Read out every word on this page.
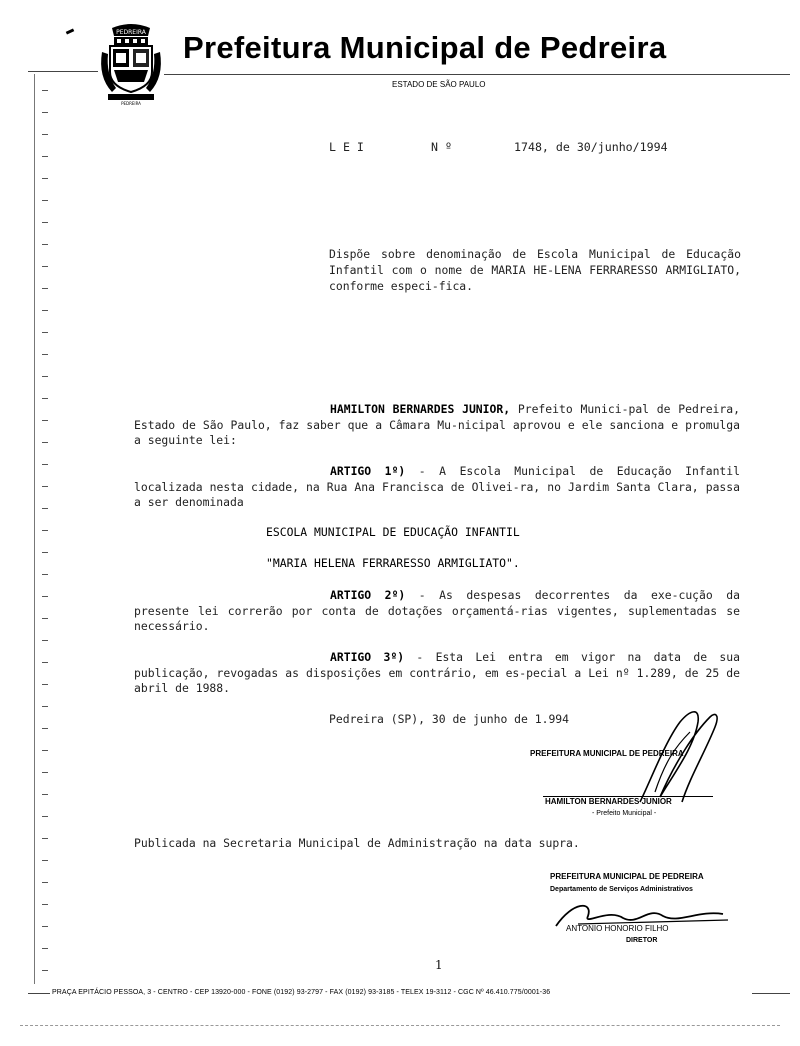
PEDREIRA
PEDREIRA
Prefeitura Municipal de Pedreira
ESTADO DE SÃO PAULO
L E I	N º	1748, de 30/junho/1994
Dispõe sobre denominação de Escola Municipal de Educação Infantil com o nome de MARIA HE-LENA FERRARESSO ARMIGLIATO, conforme especi-fica.
HAMILTON BERNARDES JUNIOR, Prefeito Munici-pal de Pedreira, Estado de São Paulo, faz saber que a Câmara Mu-nicipal aprovou e ele sanciona e promulga a seguinte lei:
ARTIGO 1º) - A Escola Municipal de Educação Infantil localizada nesta cidade, na Rua Ana Francisca de Olivei-ra, no Jardim Santa Clara, passa a ser denominada
ESCOLA MUNICIPAL DE EDUCAÇÃO INFANTIL
"MARIA HELENA FERRARESSO ARMIGLIATO".
ARTIGO 2º) - As despesas decorrentes da exe-cução da presente lei correrão por conta de dotações orçamentá-rias vigentes, suplementadas se necessário.
ARTIGO 3º) - Esta Lei entra em vigor na data de sua publicação, revogadas as disposições em contrário, em es-pecial a Lei nº 1.289, de 25 de abril de 1988.
Pedreira (SP), 30 de junho de 1.994
PREFEITURA MUNICIPAL DE PEDREIRA
HAMILTON BERNARDES JUNIOR
- Prefeito Municipal -
Publicada na Secretaria Municipal de Administração na data supra.
PREFEITURA MUNICIPAL DE PEDREIRA
Departamento de Serviços Administrativos
ANTONIO HONORIO FILHO
DIRETOR
1
PRAÇA EPITÁCIO PESSOA, 3 - CENTRO - CEP 13920-000 - FONE (0192) 93-2797 - FAX (0192) 93-3185 - TELEX 19-3112 - CGC Nº 46.410.775/0001-36
